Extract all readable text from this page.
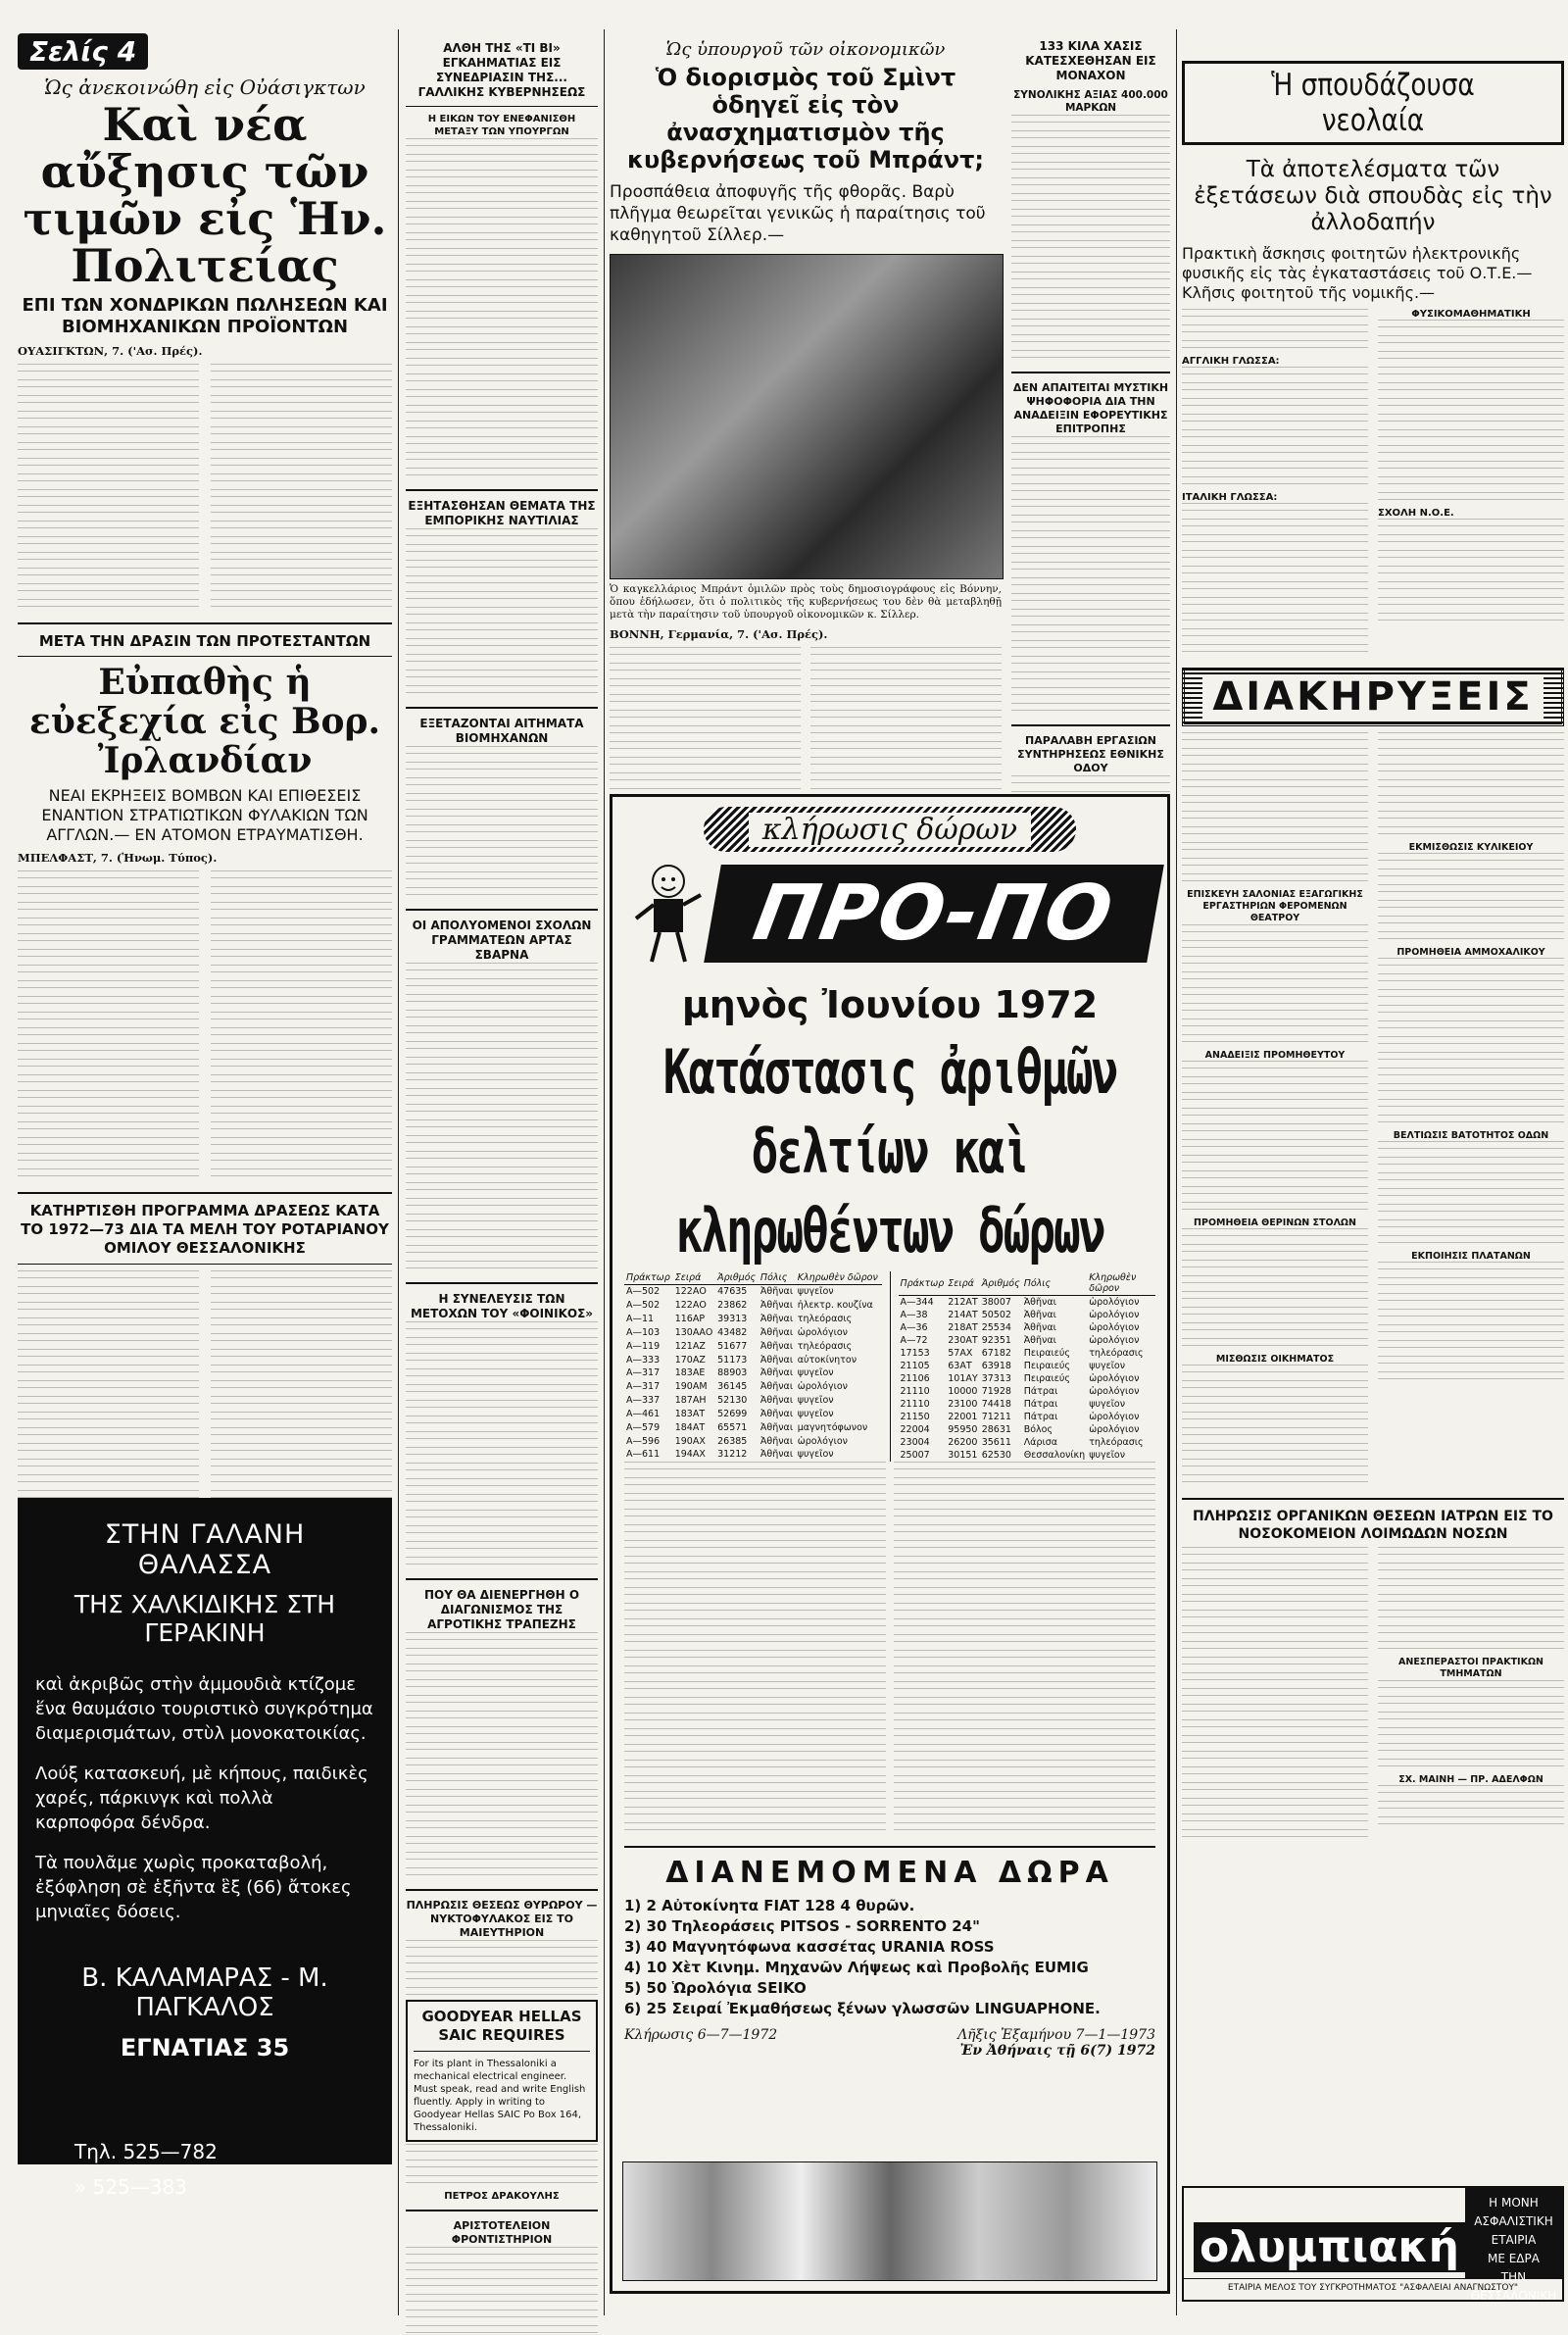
Σελίς 4
Ὡς ἀνεκοινώθη εἰς Οὐάσιγκτων
Καὶ νέα αὔξησις τῶν τιμῶν εἰς Ἡν. Πολιτείας
ΕΠΙ ΤΩΝ ΧΟΝΔΡΙΚΩΝ ΠΩΛΗΣΕΩΝ ΚΑΙ ΒΙΟΜΗΧΑΝΙΚΩΝ ΠΡΟΪΟΝΤΩΝ
ΟΥΑΣΙΓΚΤΩΝ, 7. ('Ασ. Πρές).
ΜΕΤΑ ΤΗΝ ΔΡΑΣΙΝ ΤΩΝ ΠΡΟΤΕΣΤΑΝΤΩΝ
Εὐπαθὴς ἡ εὐεξεχία εἰς Βορ. Ἰρλανδίαν
ΝΕΑΙ ΕΚΡΗΞΕΙΣ ΒΟΜΒΩΝ ΚΑΙ ΕΠΙΘΕΣΕΙΣ ΕΝΑΝΤΙΟΝ ΣΤΡΑΤΙΩΤΙΚΩΝ ΦΥΛΑΚΙΩΝ ΤΩΝ ΑΓΓΛΩΝ.— ΕΝ ΑΤΟΜΟΝ ΕΤΡΑΥΜΑΤΙΣΘΗ.
ΜΠΕΛΦΑΣΤ, 7. (Ἡνωμ. Τύπος).
ΚΑΤΗΡΤΙΣΘΗ ΠΡΟΓΡΑΜΜΑ ΔΡΑΣΕΩΣ ΚΑΤΑ ΤΟ 1972—73 ΔΙΑ ΤΑ ΜΕΛΗ ΤΟΥ ΡΟΤΑΡΙΑΝΟΥ ΟΜΙΛΟΥ ΘΕΣΣΑΛΟΝΙΚΗΣ
ΣΤΗΝ ΓΑΛΑΝΗ ΘΑΛΑΣΣΑ
ΤΗΣ ΧΑΛΚΙΔΙΚΗΣ ΣΤΗ ΓΕΡΑΚΙΝΗ
καὶ ἀκριβῶς στὴν ἀμμουδιὰ κτίζομε ἕνα θαυμάσιο τουριστικὸ συγκρότημα διαμερισμάτων, στὺλ μονοκατοικίας.
Λούξ κατασκευή, μὲ κήπους, παιδικὲς χαρές, πάρκινγκ καὶ πολλὰ καρποφόρα δένδρα.
Τὰ πουλᾶμε χωρὶς προκαταβολή, ἐξόφληση σὲ ἑξῆντα ἓξ (66) ἄτοκες μηνιαῖες δόσεις.
Β. ΚΑΛΑΜΑΡΑΣ - Μ. ΠΑΓΚΑΛΟΣ
ΕΓΝΑΤΙΑΣ 35
Τηλ. 525—782
» 525—383
ΑΛΘΗ ΤΗΣ «ΤΙ ΒΙ» ΕΓΚΑΗΜΑΤΙΑΣ ΕΙΣ ΣΥΝΕΔΡΙΑΣΙΝ ΤΗΣ... ΓΑΛΛΙΚΗΣ ΚΥΒΕΡΝΗΣΕΩΣ
Η ΕΙΚΩΝ ΤΟΥ ΕΝΕΦΑΝΙΣΘΗ ΜΕΤΑΞΥ ΤΩΝ ΥΠΟΥΡΓΩΝ
ΕΞΗΤΑΣΘΗΣΑΝ ΘΕΜΑΤΑ ΤΗΣ ΕΜΠΟΡΙΚΗΣ ΝΑΥΤΙΛΙΑΣ
ΕΞΕΤΑΖΟΝΤΑΙ ΑΙΤΗΜΑΤΑ ΒΙΟΜΗΧΑΝΩΝ
ΟΙ ΑΠΟΛΥΟΜΕΝΟΙ ΣΧΟΛΩΝ ΓΡΑΜΜΑΤΕΩΝ ΑΡΤΑΣ ΣΒΑΡΝΑ
Η ΣΥΝΕΛΕΥΣΙΣ ΤΩΝ ΜΕΤΟΧΩΝ ΤΟΥ «ΦΟΙΝΙΚΟΣ»
ΠΟΥ ΘΑ ΔΙΕΝΕΡΓΗΘΗ Ο ΔΙΑΓΩΝΙΣΜΟΣ ΤΗΣ ΑΓΡΟΤΙΚΗΣ ΤΡΑΠΕΖΗΣ
ΠΛΗΡΩΣΙΣ ΘΕΣΕΩΣ ΘΥΡΩΡΟΥ — ΝΥΚΤΟΦΥΛΑΚΟΣ ΕΙΣ ΤΟ ΜΑΙΕΥΤΗΡΙΟΝ
ΠΕΤΡΟΣ ΔΡΑΚΟΥΛΗΣ
ΑΡΙΣΤΟΤΕΛΕΙΟΝ ΦΡΟΝΤΙΣΤΗΡΙΟΝ
GOODYEAR HELLAS SAIC REQUIRES
For its plant in Thessaloniki a mechanical electrical engineer. Must speak, read and write English fluently. Apply in writing to Goodyear Hellas SAIC Po Box 164, Thessaloniki.
Ὡς ὑπουργοῦ τῶν οἰκονομικῶν
Ὁ διορισμὸς τοῦ Σμὶντ ὁδηγεῖ εἰς τὸν ἀνασχηματισμὸν τῆς κυβερνήσεως τοῦ Μπράντ;
Προσπάθεια ἀποφυγῆς τῆς φθορᾶς. Βαρὺ πλῆγμα θεωρεῖται γενικῶς ἡ παραίτησις τοῦ καθηγητοῦ Σίλλερ.—
Ὁ καγκελλάριος Μπράντ ὁμιλῶν πρὸς τοὺς δημοσιογράφους εἰς Βόννην, ὅπου ἐδήλωσεν, ὅτι ὁ πολιτικὸς τῆς κυβερνήσεως του δὲν θὰ μεταβληθῇ μετὰ τὴν παραίτησιν τοῦ ὑπουργοῦ οἰκονομικῶν κ. Σίλλερ.
ΒΟΝΝΗ, Γερμανία, 7. ('Ασ. Πρές).
133 ΚΙΛΑ ΧΑΣΙΣ ΚΑΤΕΣΧΕΘΗΣΑΝ ΕΙΣ ΜΟΝΑΧΟΝ
ΣΥΝΟΛΙΚΗΣ ΑΞΙΑΣ 400.000 ΜΑΡΚΩΝ
ΔΕΝ ΑΠΑΙΤΕΙΤΑΙ ΜΥΣΤΙΚΗ ΨΗΦΟΦΟΡΙΑ ΔΙΑ ΤΗΝ ΑΝΑΔΕΙΞΙΝ ΕΦΟΡΕΥΤΙΚΗΣ ΕΠΙΤΡΟΠΗΣ
ΠΑΡΑΛΑΒΗ ΕΡΓΑΣΙΩΝ ΣΥΝΤΗΡΗΣΕΩΣ ΕΘΝΙΚΗΣ ΟΔΟΥ
κλήρωσις δώρων
ΠΡΟ-ΠΟ
μηνὸς Ἰουνίου 1972
Κατάστασις ἀριθμῶν δελτίων καὶ κληρωθέντων δώρων
Πράκτωρ	Σειρά	Ἀριθμός	Πόλις	Κληρωθὲν δῶρον
Α—502	122ΑΟ	47635	Ἀθῆναι	ψυγεῖον
Α—502	122ΑΟ	23862	Ἀθῆναι	ἠλεκτρ. κουζίνα
Α—11	116ΑΡ	39313	Ἀθῆναι	τηλεόρασις
Α—103	130ΑΑΟ	43482	Ἀθῆναι	ὡρολόγιον
Α—119	121ΑΖ	51677	Ἀθῆναι	τηλεόρασις
Α—333	170ΑΖ	51173	Ἀθῆναι	αὐτοκίνητον
Α—317	183ΑΕ	88903	Ἀθῆναι	ψυγεῖον
Α—317	190ΑΜ	36145	Ἀθῆναι	ὡρολόγιον
Α—337	187ΑΗ	52130	Ἀθῆναι	ψυγεῖον
Α—461	183ΑΤ	52699	Ἀθῆναι	ψυγεῖον
Α—579	184ΑΤ	65571	Ἀθῆναι	μαγνητόφωνον
Α—596	190ΑΧ	26385	Ἀθῆναι	ὡρολόγιον
Α—611	194ΑΧ	31212	Ἀθῆναι	ψυγεῖον
Πράκτωρ	Σειρά	Ἀριθμός	Πόλις	Κληρωθὲν δῶρον
Α—344	212ΑΤ	38007	Ἀθῆναι	ὡρολόγιον
Α—38	214ΑΤ	50502	Ἀθῆναι	ὡρολόγιον
Α—36	218ΑΤ	25534	Ἀθῆναι	ὡρολόγιον
Α—72	230ΑΤ	92351	Ἀθῆναι	ὡρολόγιον
17153	57ΑΧ	67182	Πειραιεύς	τηλεόρασις
21105	63ΑΤ	63918	Πειραιεύς	ψυγεῖον
21106	101ΑΥ	37313	Πειραιεύς	ὡρολόγιον
21110	10000	71928	Πάτραι	ὡρολόγιον
21110	23100	74418	Πάτραι	ψυγεῖον
21150	22001	71211	Πάτραι	ὡρολόγιον
22004	95950	28631	Βόλος	ὡρολόγιον
23004	26200	35611	Λάρισα	τηλεόρασις
25007	30151	62530	Θεσσαλονίκη	ψυγεῖον
ΔΙΑΝΕΜΟΜΕΝΑ ΔΩΡΑ
1) 2 Αὐτοκίνητα FIAT 128 4 θυρῶν.
2) 30 Τηλεοράσεις PITSOS - SORRENTO 24"
3) 40 Μαγνητόφωνα κασσέτας URANIA ROSS
4) 10 Χὲτ Κινημ. Μηχανῶν Λήψεως καὶ Προβολῆς EUMIG
5) 50 Ὡρολόγια SEIKO
6) 25 Σειραί Ἐκμαθήσεως ξένων γλωσσῶν LINGUAPHONE.
Κλήρωσις 6—7—1972	Λῆξις Ἐξαμήνου 7—1—1973
Ἐν Ἀθήναις τῇ 6(7) 1972
Ἡ σπουδάζουσα νεολαία
Τὰ ἀποτελέσματα τῶν ἐξετάσεων διὰ σπουδὰς εἰς τὴν ἀλλοδαπήν
Πρακτικὴ ἄσκησις φοιτητῶν ἠλεκτρονικῆς φυσικῆς εἰς τὰς ἐγκαταστάσεις τοῦ Ο.Τ.Ε.— Κλῆσις φοιτητοῦ τῆς νομικῆς.—
ΑΓΓΛΙΚΗ ΓΛΩΣΣΑ:
ΙΤΑΛΙΚΗ ΓΛΩΣΣΑ:
ΦΥΣΙΚΟΜΑΘΗΜΑΤΙΚΗ
ΣΧΟΛΗ Ν.Ο.Ε.
ΔΙΑΚΗΡΥΞΕΙΣ
ΕΠΙΣΚΕΥΗ ΣΑΛΟΝΙΑΣ ΕΞΑΓΩΓΙΚΗΣ ΕΡΓΑΣΤΗΡΙΩΝ ΦΕΡΟΜΕΝΩΝ ΘΕΑΤΡΟΥ
ΑΝΑΔΕΙΞΙΣ ΠΡΟΜΗΘΕΥΤΟΥ
ΠΡΟΜΗΘΕΙΑ ΘΕΡΙΝΩΝ ΣΤΟΛΩΝ
ΜΙΣΘΩΣΙΣ ΟΙΚΗΜΑΤΟΣ
ΕΚΜΙΣΘΩΣΙΣ ΚΥΛΙΚΕΙΟΥ
ΠΡΟΜΗΘΕΙΑ ΑΜΜΟΧΑΛΙΚΟΥ
ΒΕΛΤΙΩΣΙΣ ΒΑΤΟΤΗΤΟΣ ΟΔΩΝ
ΕΚΠΟΙΗΣΙΣ ΠΛΑΤΑΝΩΝ
ΠΛΗΡΩΣΙΣ ΟΡΓΑΝΙΚΩΝ ΘΕΣΕΩΝ ΙΑΤΡΩΝ ΕΙΣ ΤΟ ΝΟΣΟΚΟΜΕΙΟΝ ΛΟΙΜΩΔΩΝ ΝΟΣΩΝ
ΑΝΕΣΠΕΡΑΣΤΟΙ ΠΡΑΚΤΙΚΩΝ ΤΜΗΜΑΤΩΝ
ΣΧ. ΜΑΙΝΗ — ΠΡ. ΑΔΕΛΦΩΝ
ολυμπιακή
Η ΜΟΝΗ ΑΣΦΑΛΙΣΤΙΚΗ
ΕΤΑΙΡΙΑ
ΜΕ ΕΔΡΑ
ΤΗΝ ΘΕΣΣΑΛΟΝΙΚΗ
ΕΤΑΙΡΙΑ ΜΕΛΟΣ ΤΟΥ ΣΥΓΚΡΟΤΗΜΑΤΟΣ "ΑΣΦΑΛΕΙΑΙ ΑΝΑΓΝΩΣΤΟΥ"
